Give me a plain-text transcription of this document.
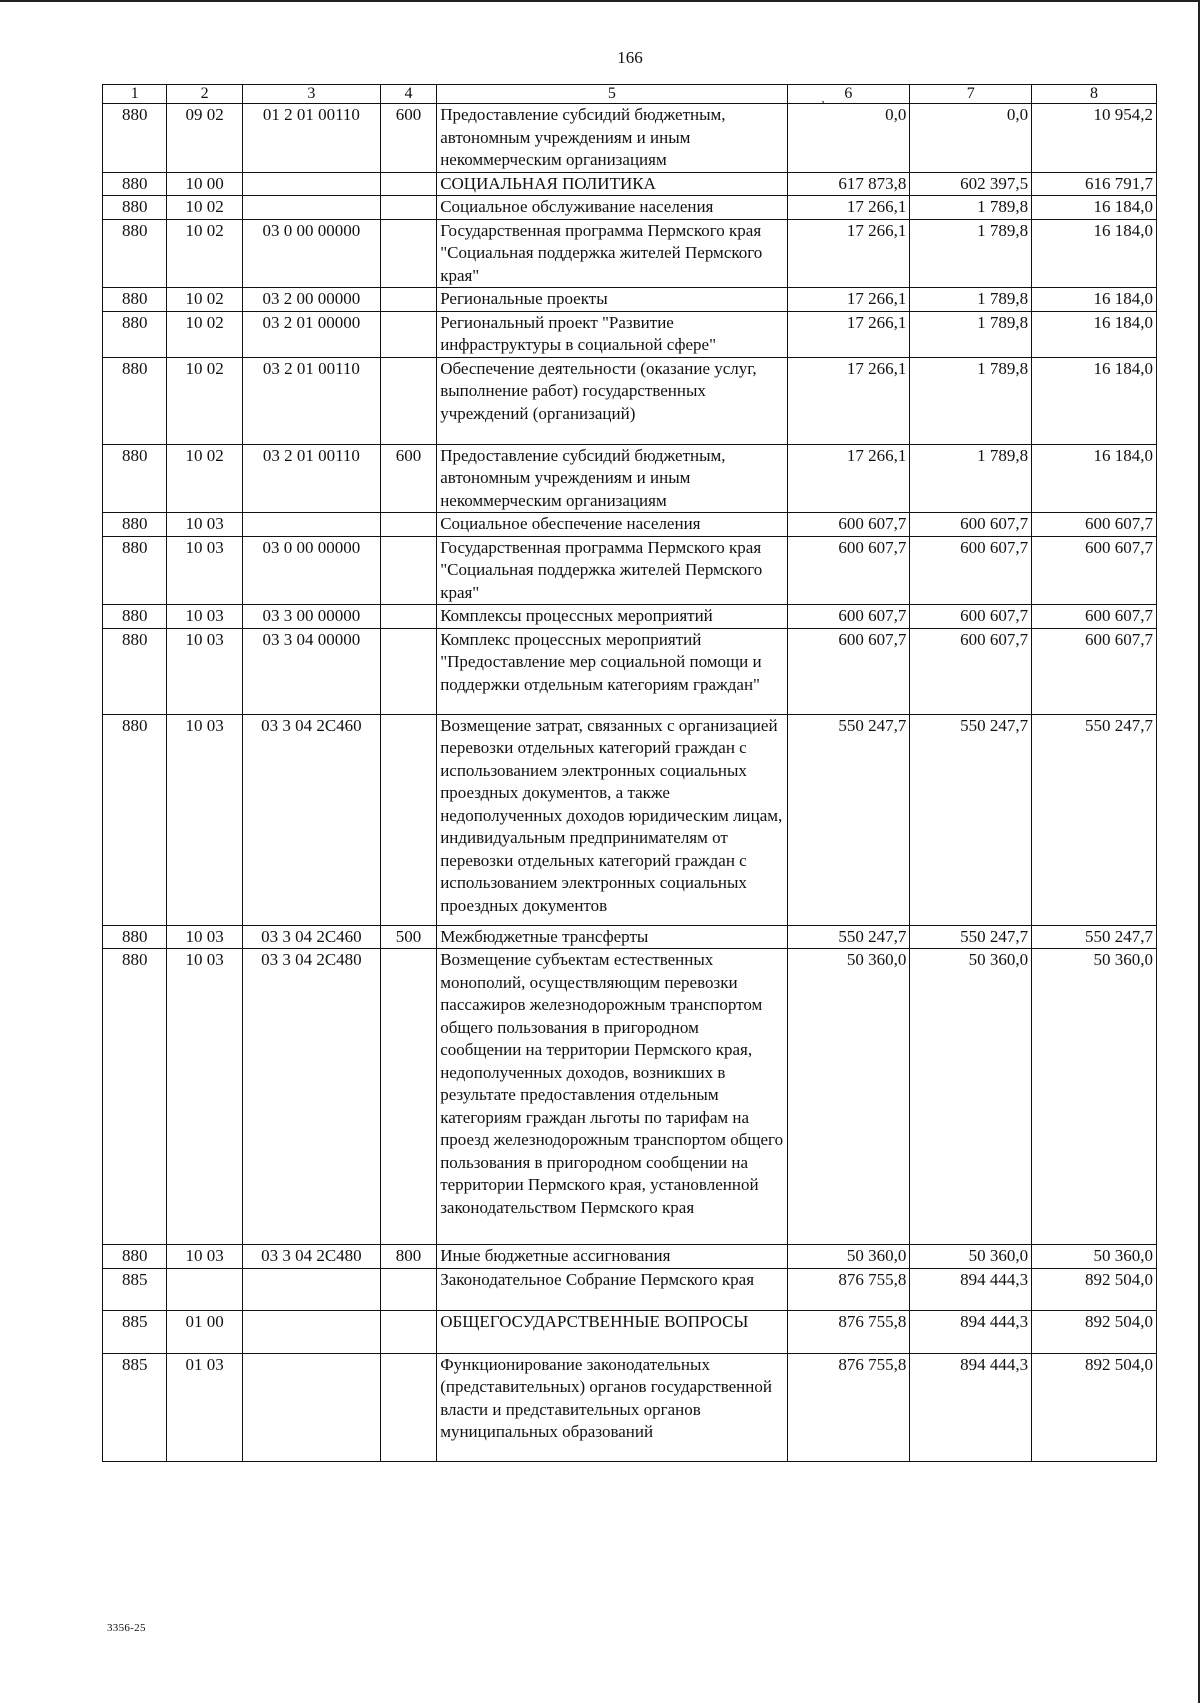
166
1	2	3	4	5	, 6	7	8
880	09 02	01 2 01 00110	600	Предоставление субсидий бюджетным, автономным учреждениям и иным некоммерческим организациям	0,0	0,0	10 954,2
880	10 00			СОЦИАЛЬНАЯ ПОЛИТИКА	617 873,8	602 397,5	616 791,7
880	10 02			Социальное обслуживание населения	17 266,1	1 789,8	16 184,0
880	10 02	03 0 00 00000		Государственная программа Пермского края "Социальная поддержка жителей Пермского края"	17 266,1	1 789,8	16 184,0
880	10 02	03 2 00 00000		Региональные проекты	17 266,1	1 789,8	16 184,0
880	10 02	03 2 01 00000		Региональный проект "Развитие инфраструктуры в социальной сфере"	17 266,1	1 789,8	16 184,0
880	10 02	03 2 01 00110		Обеспечение деятельности (оказание услуг, выполнение работ) государственных учреждений (организаций)	17 266,1	1 789,8	16 184,0
880	10 02	03 2 01 00110	600	Предоставление субсидий бюджетным, автономным учреждениям и иным некоммерческим организациям	17 266,1	1 789,8	16 184,0
880	10 03			Социальное обеспечение населения	600 607,7	600 607,7	600 607,7
880	10 03	03 0 00 00000		Государственная программа Пермского края "Социальная поддержка жителей Пермского края"	600 607,7	600 607,7	600 607,7
880	10 03	03 3 00 00000		Комплексы процессных мероприятий	600 607,7	600 607,7	600 607,7
880	10 03	03 3 04 00000		Комплекс процессных мероприятий "Предоставление мер социальной помощи и поддержки отдельным категориям граждан"	600 607,7	600 607,7	600 607,7
880	10 03	03 3 04 2С460		Возмещение затрат, связанных с организацией перевозки отдельных категорий граждан с использованием электронных социальных проездных документов, а также недополученных доходов юридическим лицам, индивидуальным предпринимателям от перевозки отдельных категорий граждан с использованием электронных социальных проездных документов	550 247,7	550 247,7	550 247,7
880	10 03	03 3 04 2С460	500	Межбюджетные трансферты	550 247,7	550 247,7	550 247,7
880	10 03	03 3 04 2С480		Возмещение субъектам естественных монополий, осуществляющим перевозки пассажиров железнодорожным транспортом общего пользования в пригородном сообщении на территории Пермского края, недополученных доходов, возникших в результате предоставления отдельным категориям граждан льготы по тарифам на проезд железнодорожным транспортом общего пользования в пригородном сообщении на территории Пермского края, установленной законодательством Пермского края	50 360,0	50 360,0	50 360,0
880	10 03	03 3 04 2С480	800	Иные бюджетные ассигнования	50 360,0	50 360,0	50 360,0
885				Законодательное Собрание Пермского края	876 755,8	894 444,3	892 504,0
885	01 00			ОБЩЕГОСУДАРСТВЕННЫЕ ВОПРОСЫ	876 755,8	894 444,3	892 504,0
885	01 03			Функционирование законодательных (представительных) органов государственной власти и представительных органов муниципальных образований	876 755,8	894 444,3	892 504,0
3356-25
